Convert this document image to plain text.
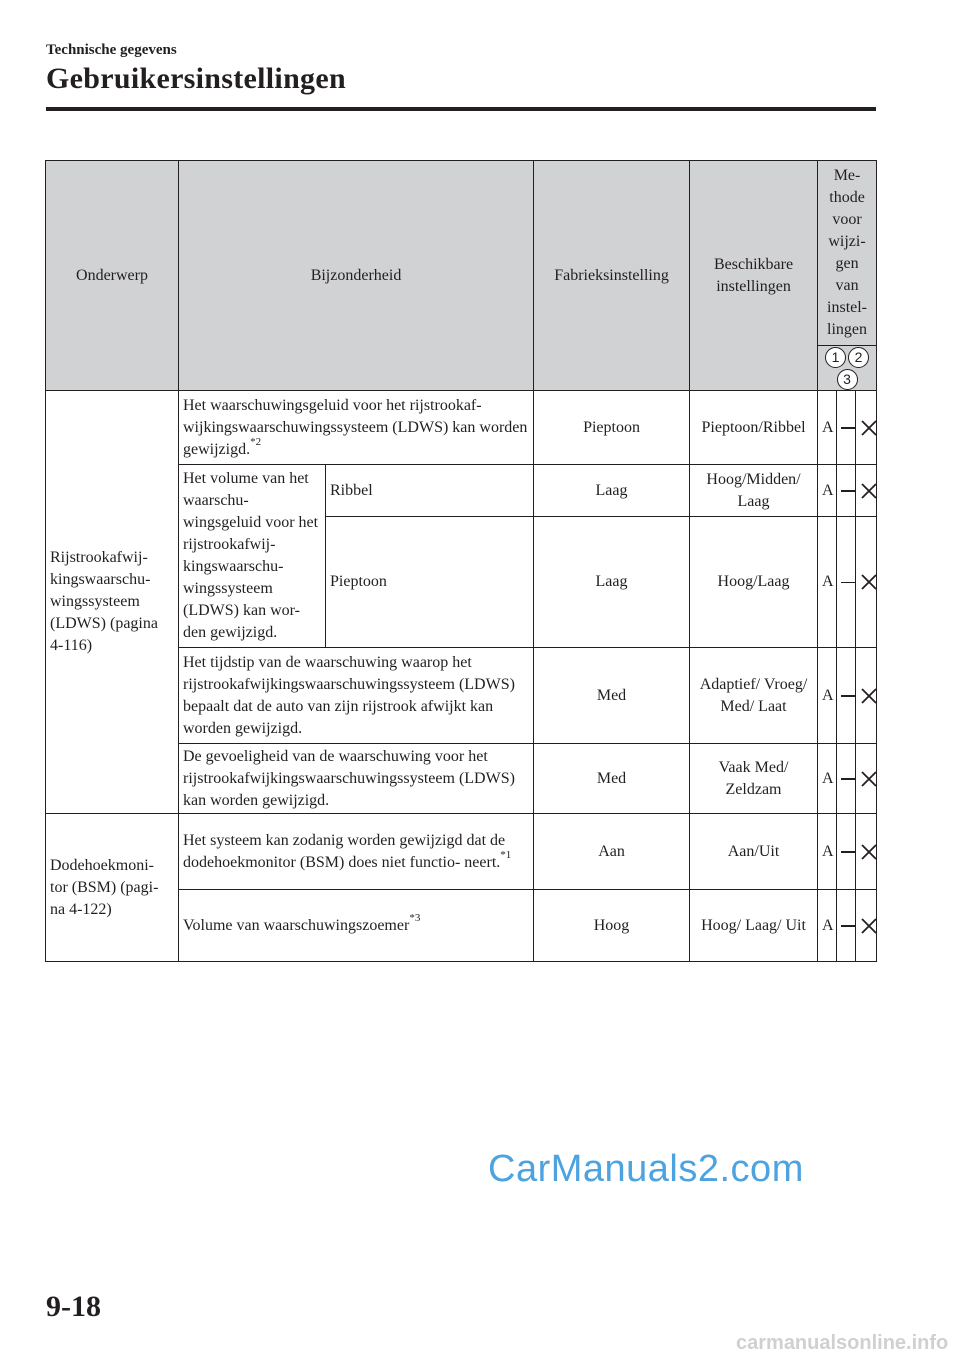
Technische gegevens
Gebruikersinstellingen
Onderwerp	Bijzonderheid		Fabrieksinstelling	Beschikbare instellingen	Me- thode voor wijzi- gen van instel- lingen		
					1 23		
Rijstrookafwij- kingswaarschu- wingssysteem (LDWS) (pagina 4-116)	Het waarschuwingsgeluid voor het rijstrookaf- wijkingswaarschuwingssysteem (LDWS) kan worden gewijzigd.$^{*2}$		Pieptoon	Pieptoon/Ribbel	A		
	Het volume van het waarschu- wingsgeluid voor het rijstrookafwij- kingswaarschu- wingssysteem (LDWS) kan wor- den gewijzigd.	Ribbel	Laag	Hoog/Midden/ Laag	A		
		Pieptoon	Laag	Hoog/Laag	A		
	Het tijdstip van de waarschuwing waarop het rijstrookafwijkingswaarschuwingssysteem (LDWS) bepaalt dat de auto van zijn rijstrook afwijkt kan worden gewijzigd.		Med	Adaptief/ Vroeg/ Med/ Laat	A		
	De gevoeligheid van de waarschuwing voor het rijstrookafwijkingswaarschuwingssysteem (LDWS) kan worden gewijzigd.		Med	Vaak Med/ Zeldzam	A		
Dodehoekmoni- tor (BSM) (pagi- na 4-122)	Het systeem kan zodanig worden gewijzigd dat de dodehoekmonitor (BSM) does niet functio- neert.$^{*1}$		Aan	Aan/Uit	A		
	Volume van waarschuwingszoemer$^{*3}$		Hoog	Hoog/ Laag/ Uit	A		
CarManuals2.com
9-18
carmanualsonline.info
